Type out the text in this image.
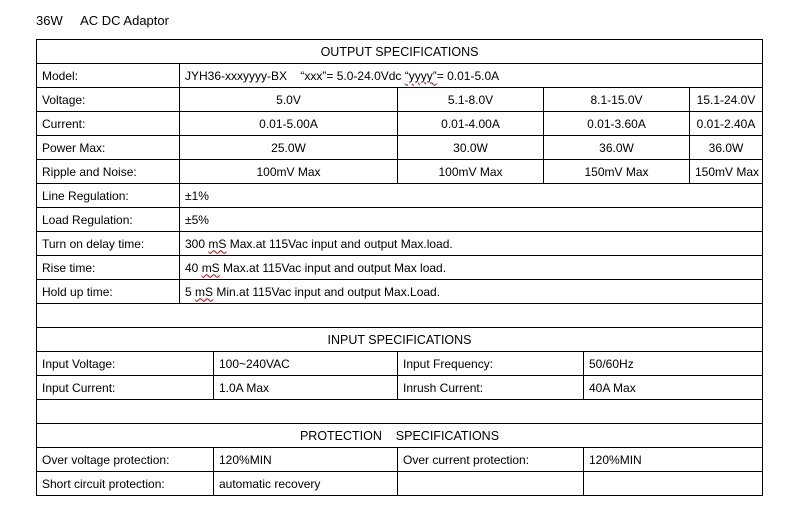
36W     AC DC Adaptor
OUTPUT SPECIFICATIONS						
Model:	JYH36-xxxyyyy-BX “xxx”= 5.0-24.0Vdc “yyyy”= 0.01-5.0A					
Voltage:	5.0V		5.1-8.0V	8.1-15.0V		15.1-24.0V
Current:	0.01-5.00A		0.01-4.00A	0.01-3.60A		0.01-2.40A
Power Max:	25.0W		30.0W	36.0W		36.0W
Ripple and Noise:	100mV Max		100mV Max	150mV Max		150mV Max
Line Regulation:	±1%					
Load Regulation:	±5%					
Turn on delay time:	300 mS Max.at 115Vac input and output Max.load.					
Rise time:	40 mS Max.at 115Vac input and output Max load.					
Hold up time:	5 mS Min.at 115Vac input and output Max.Load.					

INPUT SPECIFICATIONS						
Input Voltage:		100~240VAC	Input Frequency:		50/60Hz	
Input Current:		1.0A Max	Inrush Current:		40A Max	

PROTECTION    SPECIFICATIONS						
Over voltage protection:		120%MIN	Over current protection:		120%MIN	
Short circuit protection:		automatic recovery				
